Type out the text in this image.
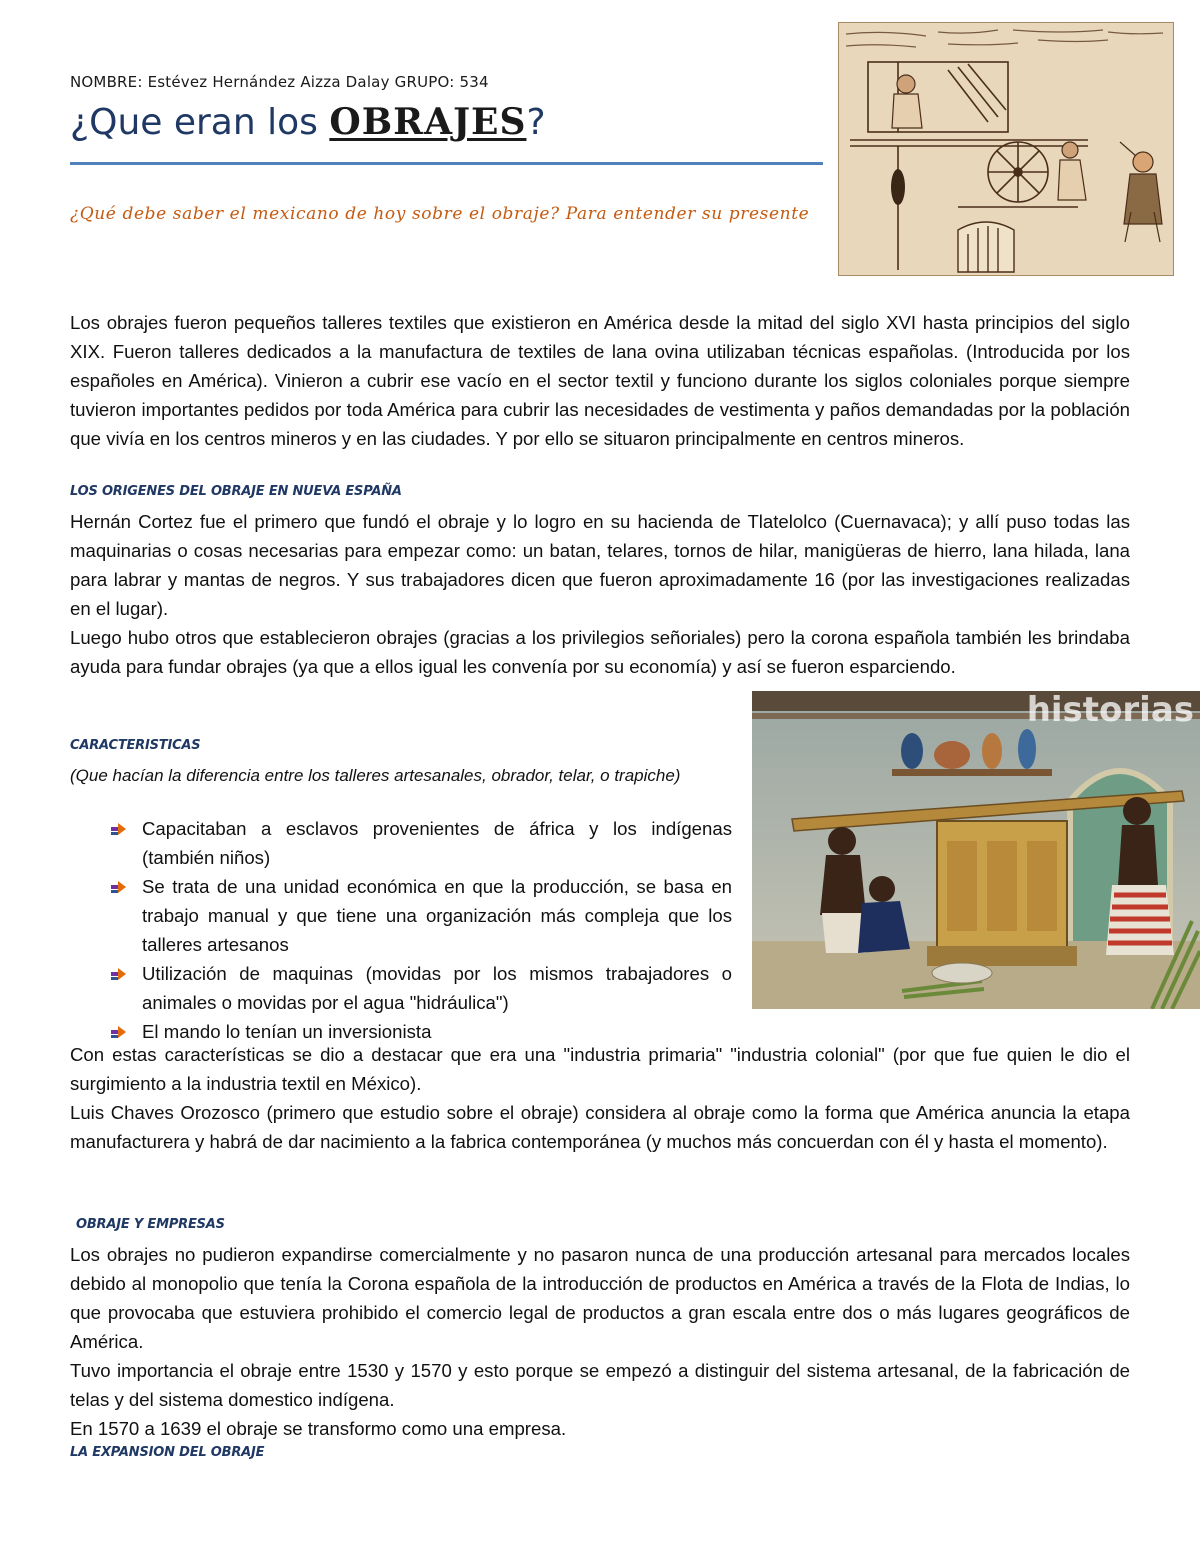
NOMBRE: Estévez Hernández Aizza Dalay GRUPO: 534
¿Que eran los OBRAJES?
¿Qué debe saber el mexicano de hoy sobre el obraje? Para entender su presente
Los obrajes fueron pequeños talleres textiles que existieron en América desde la mitad del siglo XVI hasta principios del siglo XIX. Fueron talleres dedicados a la manufactura de textiles de lana ovina utilizaban técnicas españolas. (Introducida por los españoles en América). Vinieron a cubrir ese vacío en el sector textil y funciono durante los siglos coloniales porque siempre tuvieron importantes pedidos por toda América para cubrir las necesidades de vestimenta y paños demandadas por la población que vivía en los centros mineros y en las ciudades. Y por ello se situaron principalmente en centros mineros.
LOS ORIGENES DEL OBRAJE EN NUEVA ESPAÑA
Hernán Cortez fue el primero que fundó el obraje y lo logro en su hacienda de Tlatelolco (Cuernavaca); y allí puso todas las maquinarias o cosas necesarias para empezar como: un batan, telares, tornos de hilar, manigüeras de hierro, lana hilada, lana para labrar y mantas de negros. Y sus trabajadores dicen que fueron aproximadamente 16 (por las investigaciones realizadas en el lugar).
Luego hubo otros que establecieron obrajes (gracias a los privilegios señoriales) pero la corona española también les brindaba ayuda para fundar obrajes (ya que a ellos igual les convenía por su economía) y así se fueron esparciendo.
historias
CARACTERISTICAS
(Que hacían la diferencia entre los talleres artesanales, obrador, telar, o trapiche)
Capacitaban a esclavos provenientes de áfrica y los indígenas (también niños)
Se trata de una unidad económica en que la producción, se basa en trabajo manual y que tiene una organización más compleja que los talleres artesanos
Utilización de maquinas (movidas por los mismos trabajadores o animales o movidas por el agua "hidráulica")
El mando lo tenían un inversionista
Con estas características se dio a destacar que era una "industria primaria" "industria colonial" (por que fue quien le dio el surgimiento a la industria textil en México).
Luis Chaves Orozosco (primero que estudio sobre el obraje) considera al obraje como la forma que América anuncia la etapa manufacturera y habrá de dar nacimiento a la fabrica contemporánea (y muchos más concuerdan con él y hasta el momento).
OBRAJE Y EMPRESAS
Los obrajes no pudieron expandirse comercialmente y no pasaron nunca de una producción artesanal para mercados locales debido al monopolio que tenía la Corona española de la introducción de productos en América a través de la Flota de Indias, lo que provocaba que estuviera prohibido el comercio legal de productos a gran escala entre dos o más lugares geográficos de América.
Tuvo importancia el obraje entre 1530 y 1570 y esto porque se empezó a distinguir del sistema artesanal, de la fabricación de telas y del sistema domestico indígena.
En 1570 a 1639 el obraje se transformo como una empresa.
LA EXPANSION DEL OBRAJE
